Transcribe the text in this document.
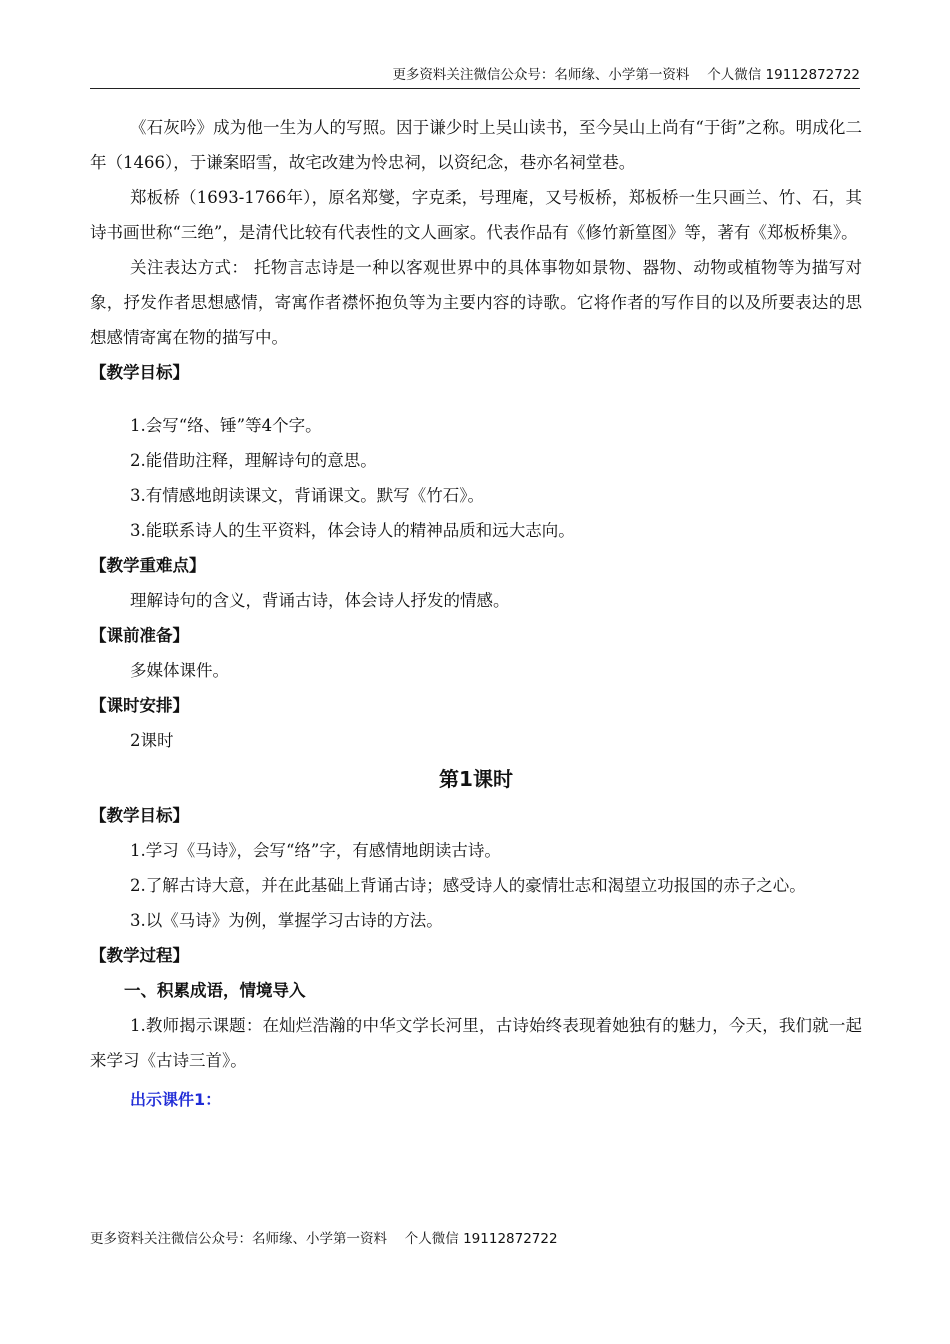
更多资料关注微信公众号：名师缘、小学第一资料　 个人微信 19112872722

《石灰吟》成为他一生为人的写照。因于谦少时上吴山读书，至今吴山上尚有“于街”之称。明成化二年（1466），于谦案昭雪，故宅改建为怜忠祠，以资纪念，巷亦名祠堂巷。

郑板桥（1693-1766年），原名郑燮，字克柔，号理庵，又号板桥，郑板桥一生只画兰、竹、石，其诗书画世称“三绝”，是清代比较有代表性的文人画家。代表作品有《修竹新篁图》等，著有《郑板桥集》。

关注表达方式： 托物言志诗是一种以客观世界中的具体事物如景物、器物、动物或植物等为描写对象，抒发作者思想感情，寄寓作者襟怀抱负等为主要内容的诗歌。它将作者的写作目的以及所要表达的思想感情寄寓在物的描写中。

【教学目标】

1.会写“络、锤”等4个字。

2.能借助注释，理解诗句的意思。

3.有情感地朗读课文，背诵课文。默写《竹石》。

3.能联系诗人的生平资料，体会诗人的精神品质和远大志向。

【教学重难点】

理解诗句的含义，背诵古诗，体会诗人抒发的情感。

【课前准备】

多媒体课件。

【课时安排】

2课时

第1课时

【教学目标】

1.学习《马诗》，会写“络”字，有感情地朗读古诗。

2.了解古诗大意，并在此基础上背诵古诗；感受诗人的豪情壮志和渴望立功报国的赤子之心。

3.以《马诗》为例，掌握学习古诗的方法。

【教学过程】

一、积累成语，情境导入

1.教师揭示课题：在灿烂浩瀚的中华文学长河里，古诗始终表现着她独有的魅力，今天，我们就一起来学习《古诗三首》。

出示课件1：

更多资料关注微信公众号：名师缘、小学第一资料　 个人微信 19112872722
